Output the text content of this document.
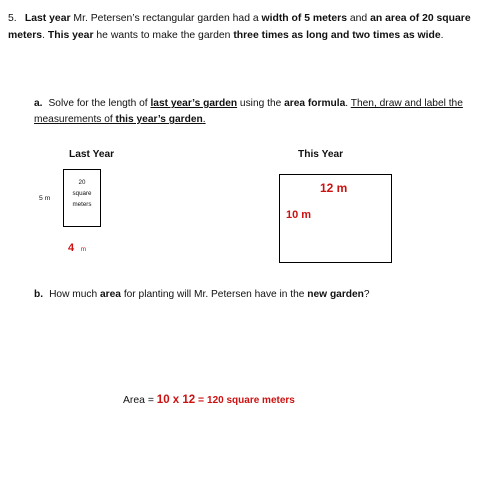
5. Last year Mr. Petersen’s rectangular garden had a width of 5 meters and an area of 20 square meters. This year he wants to make the garden three times as long and two times as wide.
a. Solve for the length of last year’s garden using the area formula. Then, draw and label the measurements of this year’s garden.
Last Year
20
square
meters
5 m
4 m
This Year
12 m
10 m
b. How much area for planting will Mr. Petersen have in the new garden?
Area = 10 x 12 = 120 square meters
